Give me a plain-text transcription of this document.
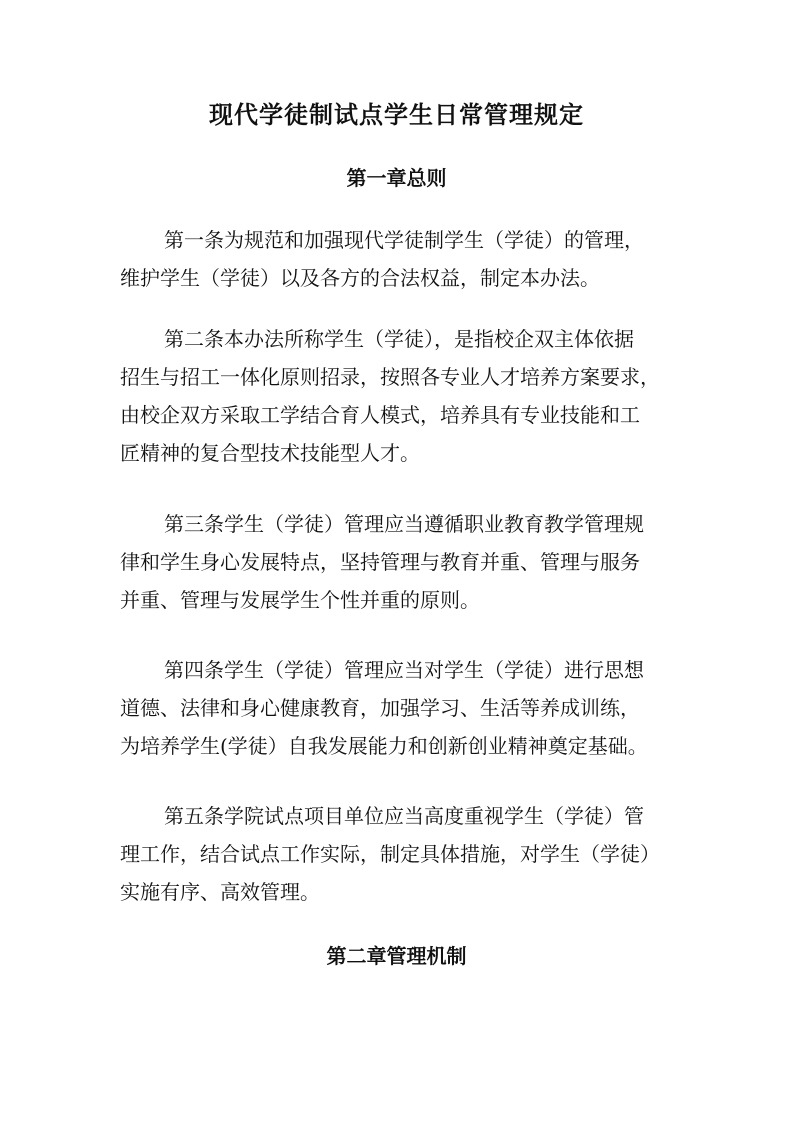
现代学徒制试点学生日常管理规定
第一章总则

第一条为规范和加强现代学徒制学生（学徒）的管理，
维护学生（学徒）以及各方的合法权益，制定本办法。

第二条本办法所称学生（学徒），是指校企双主体依据
招生与招工一体化原则招录，按照各专业人才培养方案要求，
由校企双方采取工学结合育人模式，培养具有专业技能和工
匠精神的复合型技术技能型人才。

第三条学生（学徒）管理应当遵循职业教育教学管理规
律和学生身心发展特点，坚持管理与教育并重、管理与服务
并重、管理与发展学生个性并重的原则。

第四条学生（学徒）管理应当对学生（学徒）进行思想
道德、法律和身心健康教育，加强学习、生活等养成训练，
为培养学生(学徒）自我发展能力和创新创业精神奠定基础。

第五条学院试点项目单位应当高度重视学生（学徒）管
理工作，结合试点工作实际，制定具体措施，对学生（学徒）
实施有序、高效管理。

第二章管理机制
